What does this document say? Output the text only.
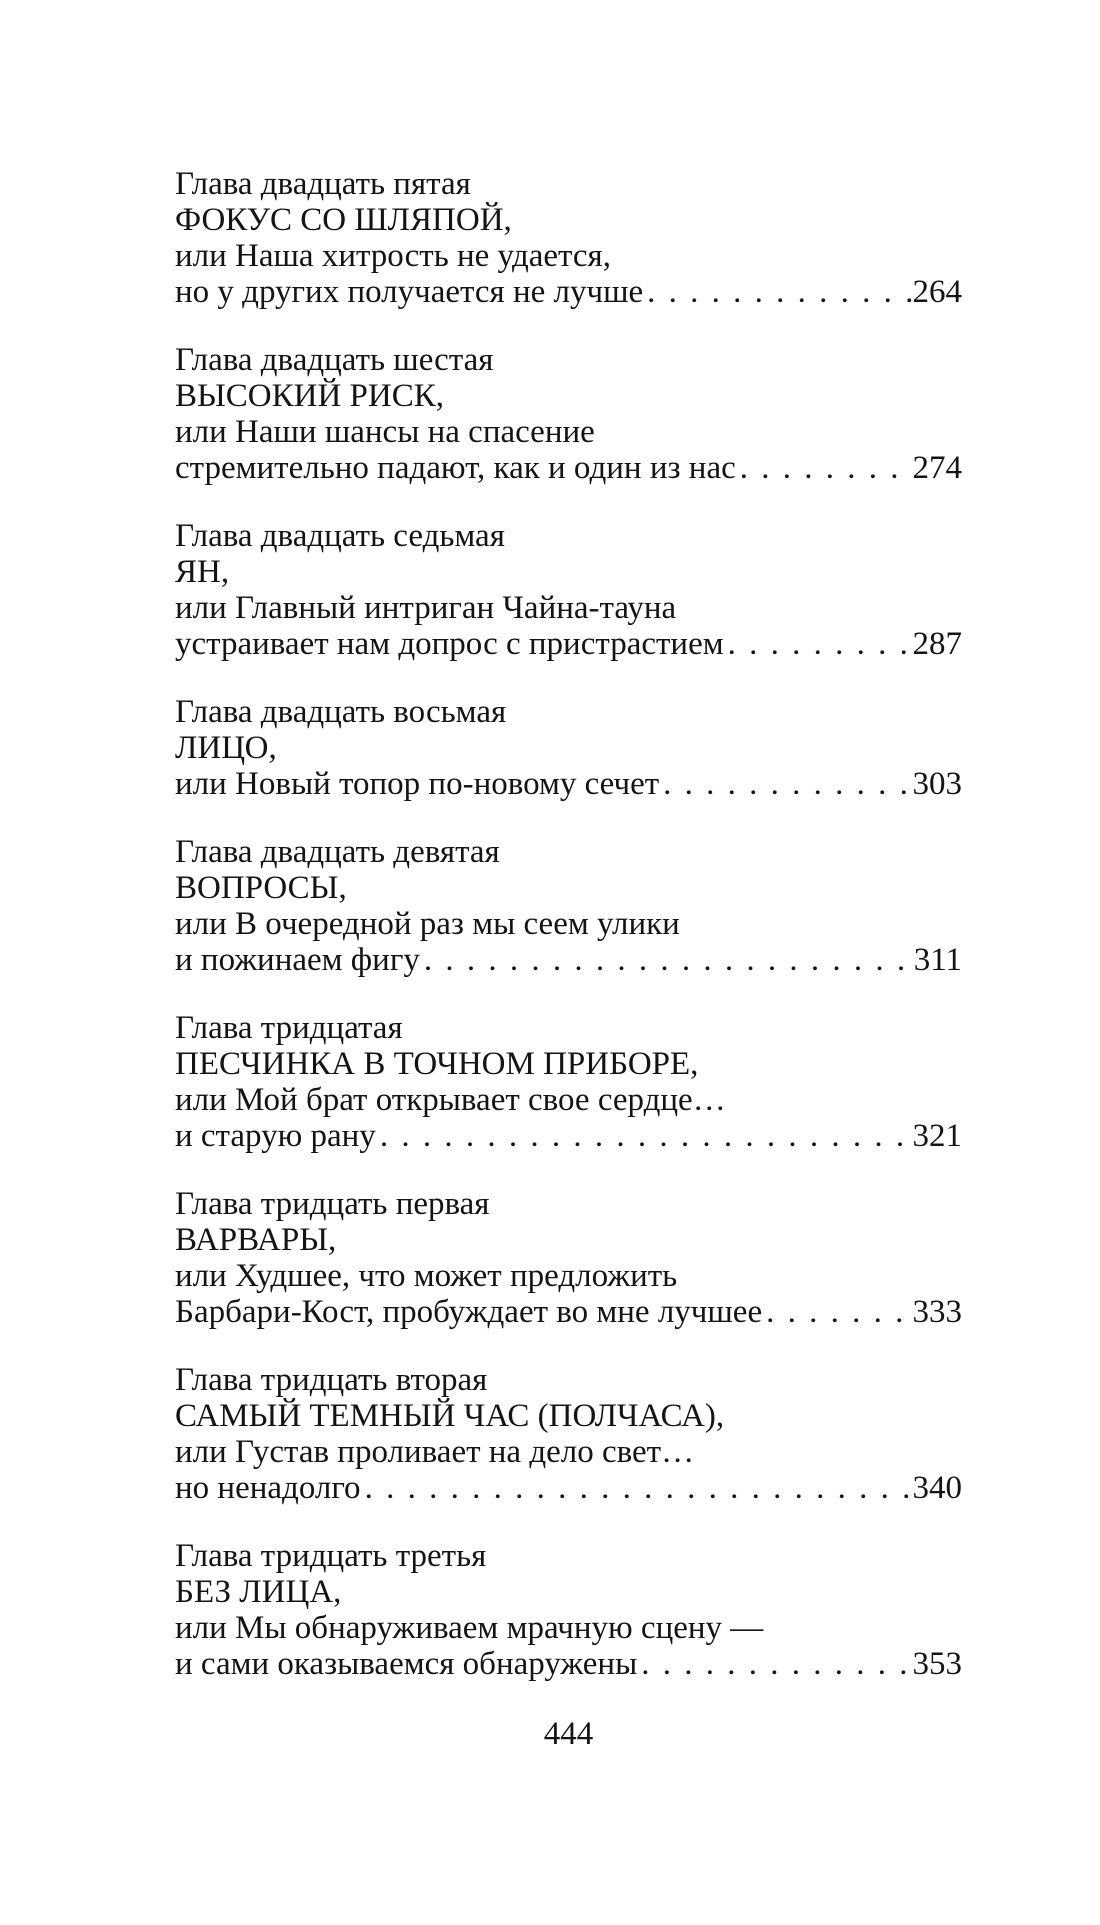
Глава двадцать пятая
ФОКУС СО ШЛЯПОЙ,
или Наша хитрость не удается,
но у других получается не лучше . . .	264
Глава двадцать шестая
ВЫСОКИЙ РИСК,
или Наши шансы на спасение
стремительно падают, как и один из нас . . .	274
Глава двадцать седьмая
ЯН,
или Главный интриган Чайна-тауна
устраивает нам допрос с пристрастием . . .	287
Глава двадцать восьмая
ЛИЦО,
или Новый топор по-новому сечет . . .	303
Глава двадцать девятая
ВОПРОСЫ,
или В очередной раз мы сеем улики
и пожинаем фигу . . .	311
Глава тридцатая
ПЕСЧИНКА В ТОЧНОМ ПРИБОРЕ,
или Мой брат открывает свое сердце…
и старую рану . . .	321
Глава тридцать первая
ВАРВАРЫ,
или Худшее, что может предложить
Барбари-Кост, пробуждает во мне лучшее . . .	333
Глава тридцать вторая
САМЫЙ ТЕМНЫЙ ЧАС (ПОЛЧАСА),
или Густав проливает на дело свет…
но ненадолго . . .	340
Глава тридцать третья
БЕЗ ЛИЦА,
или Мы обнаруживаем мрачную сцену —
и сами оказываемся обнаружены . . .	353
444
